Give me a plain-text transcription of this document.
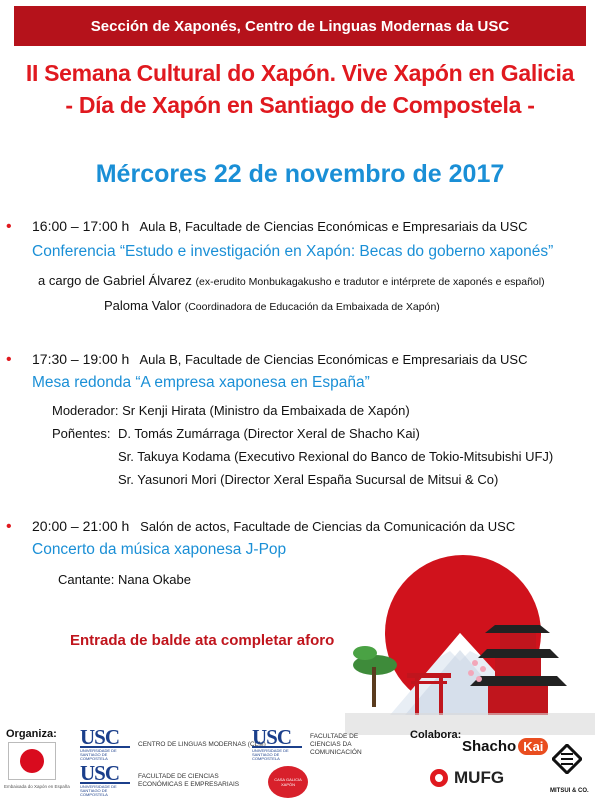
Sección de Xaponés, Centro de Linguas Modernas da USC
II Semana Cultural do Xapón. Vive Xapón en Galicia
- Día de Xapón en Santiago de Compostela -
Mércores 22 de novembro de 2017
• 16:00 – 17:00 h Aula B, Facultade de Ciencias Económicas e Empresariais da USC
Conferencia “Estudo e investigación en Xapón: Becas do goberno xaponés”
a cargo de Gabriel Álvarez (ex-erudito Monbukagakusho e tradutor e intérprete de xaponés e español)
Paloma Valor (Coordinadora de Educación da Embaixada de Xapón)
• 17:30 – 19:00 h Aula B, Facultade de Ciencias Económicas e Empresariais da USC
Mesa redonda “A empresa xaponesa en España”
Moderador: Sr Kenji Hirata (Ministro da Embaixada de Xapón)
Poñentes: D. Tomás Zumárraga (Director Xeral de Shacho Kai)
Sr. Takuya Kodama (Executivo Rexional do Banco de Tokio-Mitsubishi UFJ)
Sr. Yasunori Mori (Director Xeral España Sucursal de Mitsui & Co)
• 20:00 – 21:00 h Salón de actos, Facultade de Ciencias da Comunicación da USC
Concerto da música xaponesa J-Pop
Cantante: Nana Okabe
Entrada de balde ata completar aforo
Organiza:	Colabora:
Embaixada do Xapón en España
USC
UNIVERSIDADE DE SANTIAGO DE COMPOSTELA
CENTRO DE LINGUAS MODERNAS (CLM)
USC
UNIVERSIDADE DE SANTIAGO DE COMPOSTELA
FACULTADE DE CIENCIAS DA COMUNICACIÓN
USC
UNIVERSIDADE DE SANTIAGO DE COMPOSTELA
FACULTADE DE CIENCIAS ECONÓMICAS E EMPRESARIAIS
CASA GALICIA XAPÓN
Shacho Kai
MUFG
MITSUI & CO.
